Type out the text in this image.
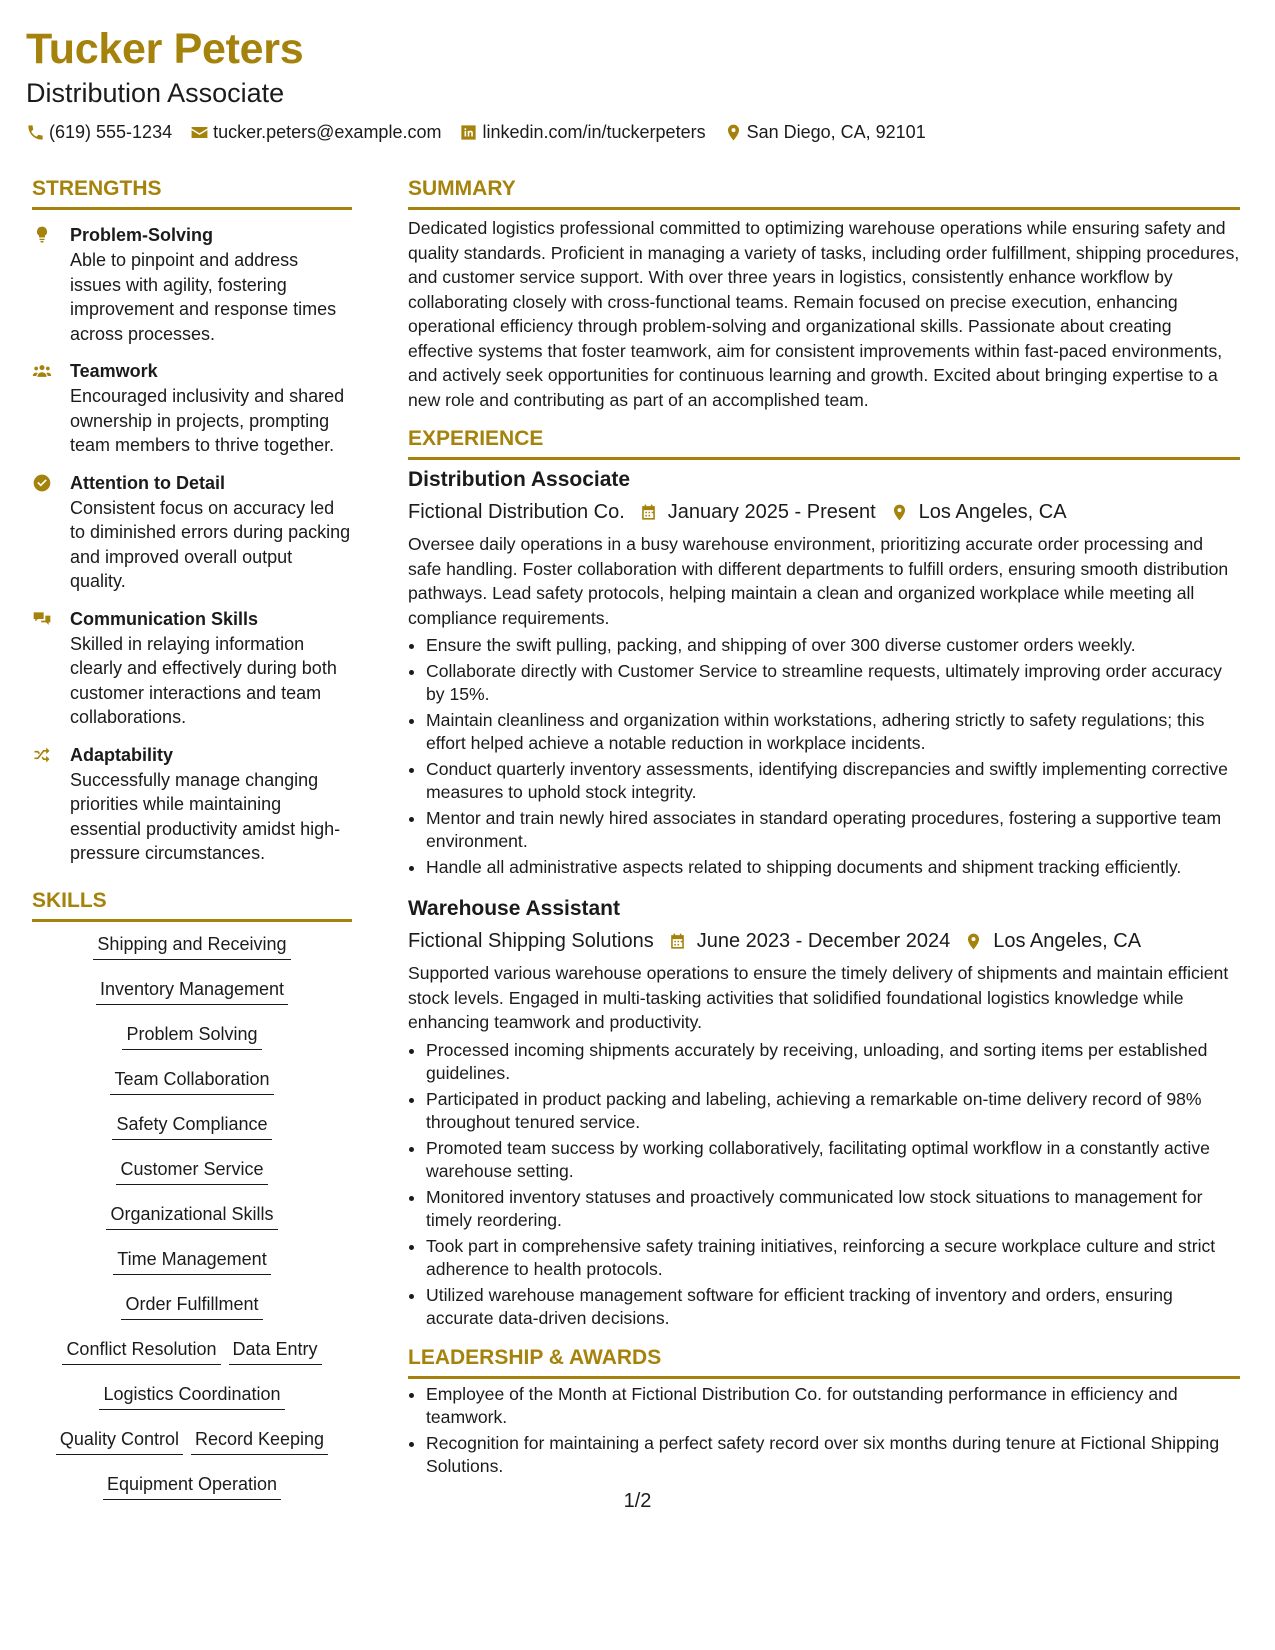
Tucker Peters
Distribution Associate
(619) 555-1234 tucker.peters@example.com linkedin.com/in/tuckerpeters San Diego, CA, 92101
STRENGTHS
Problem-Solving
Able to pinpoint and address issues with agility, fostering improvement and response times across processes.
Teamwork
Encouraged inclusivity and shared ownership in projects, prompting team members to thrive together.
Attention to Detail
Consistent focus on accuracy led to diminished errors during packing and improved overall output quality.
Communication Skills
Skilled in relaying information clearly and effectively during both customer interactions and team collaborations.
Adaptability
Successfully manage changing priorities while maintaining essential productivity amidst high-pressure circumstances.
SKILLS
Shipping and Receiving
Inventory Management
Problem Solving
Team Collaboration
Safety Compliance
Customer Service
Organizational Skills
Time Management
Order Fulfillment
Conflict Resolution Data Entry
Logistics Coordination
Quality Control Record Keeping
Equipment Operation
SUMMARY

Dedicated logistics professional committed to optimizing warehouse operations while ensuring safety and quality standards. Proficient in managing a variety of tasks, including order fulfillment, shipping procedures, and customer service support. With over three years in logistics, consistently enhance workflow by collaborating closely with cross-functional teams. Remain focused on precise execution, enhancing operational efficiency through problem-solving and organizational skills. Passionate about creating effective systems that foster teamwork, aim for consistent improvements within fast-paced environments, and actively seek opportunities for continuous learning and growth. Excited about bringing expertise to a new role and contributing as part of an accomplished team.

EXPERIENCE
Distribution Associate
Fictional Distribution Co. January 2025 - Present Los Angeles, CA

Oversee daily operations in a busy warehouse environment, prioritizing accurate order processing and safe handling. Foster collaboration with different departments to fulfill orders, ensuring smooth distribution pathways. Lead safety protocols, helping maintain a clean and organized workplace while meeting all compliance requirements.

• Ensure the swift pulling, packing, and shipping of over 300 diverse customer orders weekly.
• Collaborate directly with Customer Service to streamline requests, ultimately improving order accuracy by 15%.
• Maintain cleanliness and organization within workstations, adhering strictly to safety regulations; this effort helped achieve a notable reduction in workplace incidents.
• Conduct quarterly inventory assessments, identifying discrepancies and swiftly implementing corrective measures to uphold stock integrity.
• Mentor and train newly hired associates in standard operating procedures, fostering a supportive team environment.
• Handle all administrative aspects related to shipping documents and shipment tracking efficiently.
Warehouse Assistant
Fictional Shipping Solutions June 2023 - December 2024 Los Angeles, CA

Supported various warehouse operations to ensure the timely delivery of shipments and maintain efficient stock levels. Engaged in multi-tasking activities that solidified foundational logistics knowledge while enhancing teamwork and productivity.

• Processed incoming shipments accurately by receiving, unloading, and sorting items per established guidelines.
• Participated in product packing and labeling, achieving a remarkable on-time delivery record of 98% throughout tenured service.
• Promoted team success by working collaboratively, facilitating optimal workflow in a constantly active warehouse setting.
• Monitored inventory statuses and proactively communicated low stock situations to management for timely reordering.
• Took part in comprehensive safety training initiatives, reinforcing a secure workplace culture and strict adherence to health protocols.
• Utilized warehouse management software for efficient tracking of inventory and orders, ensuring accurate data-driven decisions.
LEADERSHIP & AWARDS
• Employee of the Month at Fictional Distribution Co. for outstanding performance in efficiency and teamwork.
• Recognition for maintaining a perfect safety record over six months during tenure at Fictional Shipping Solutions.
1/2
